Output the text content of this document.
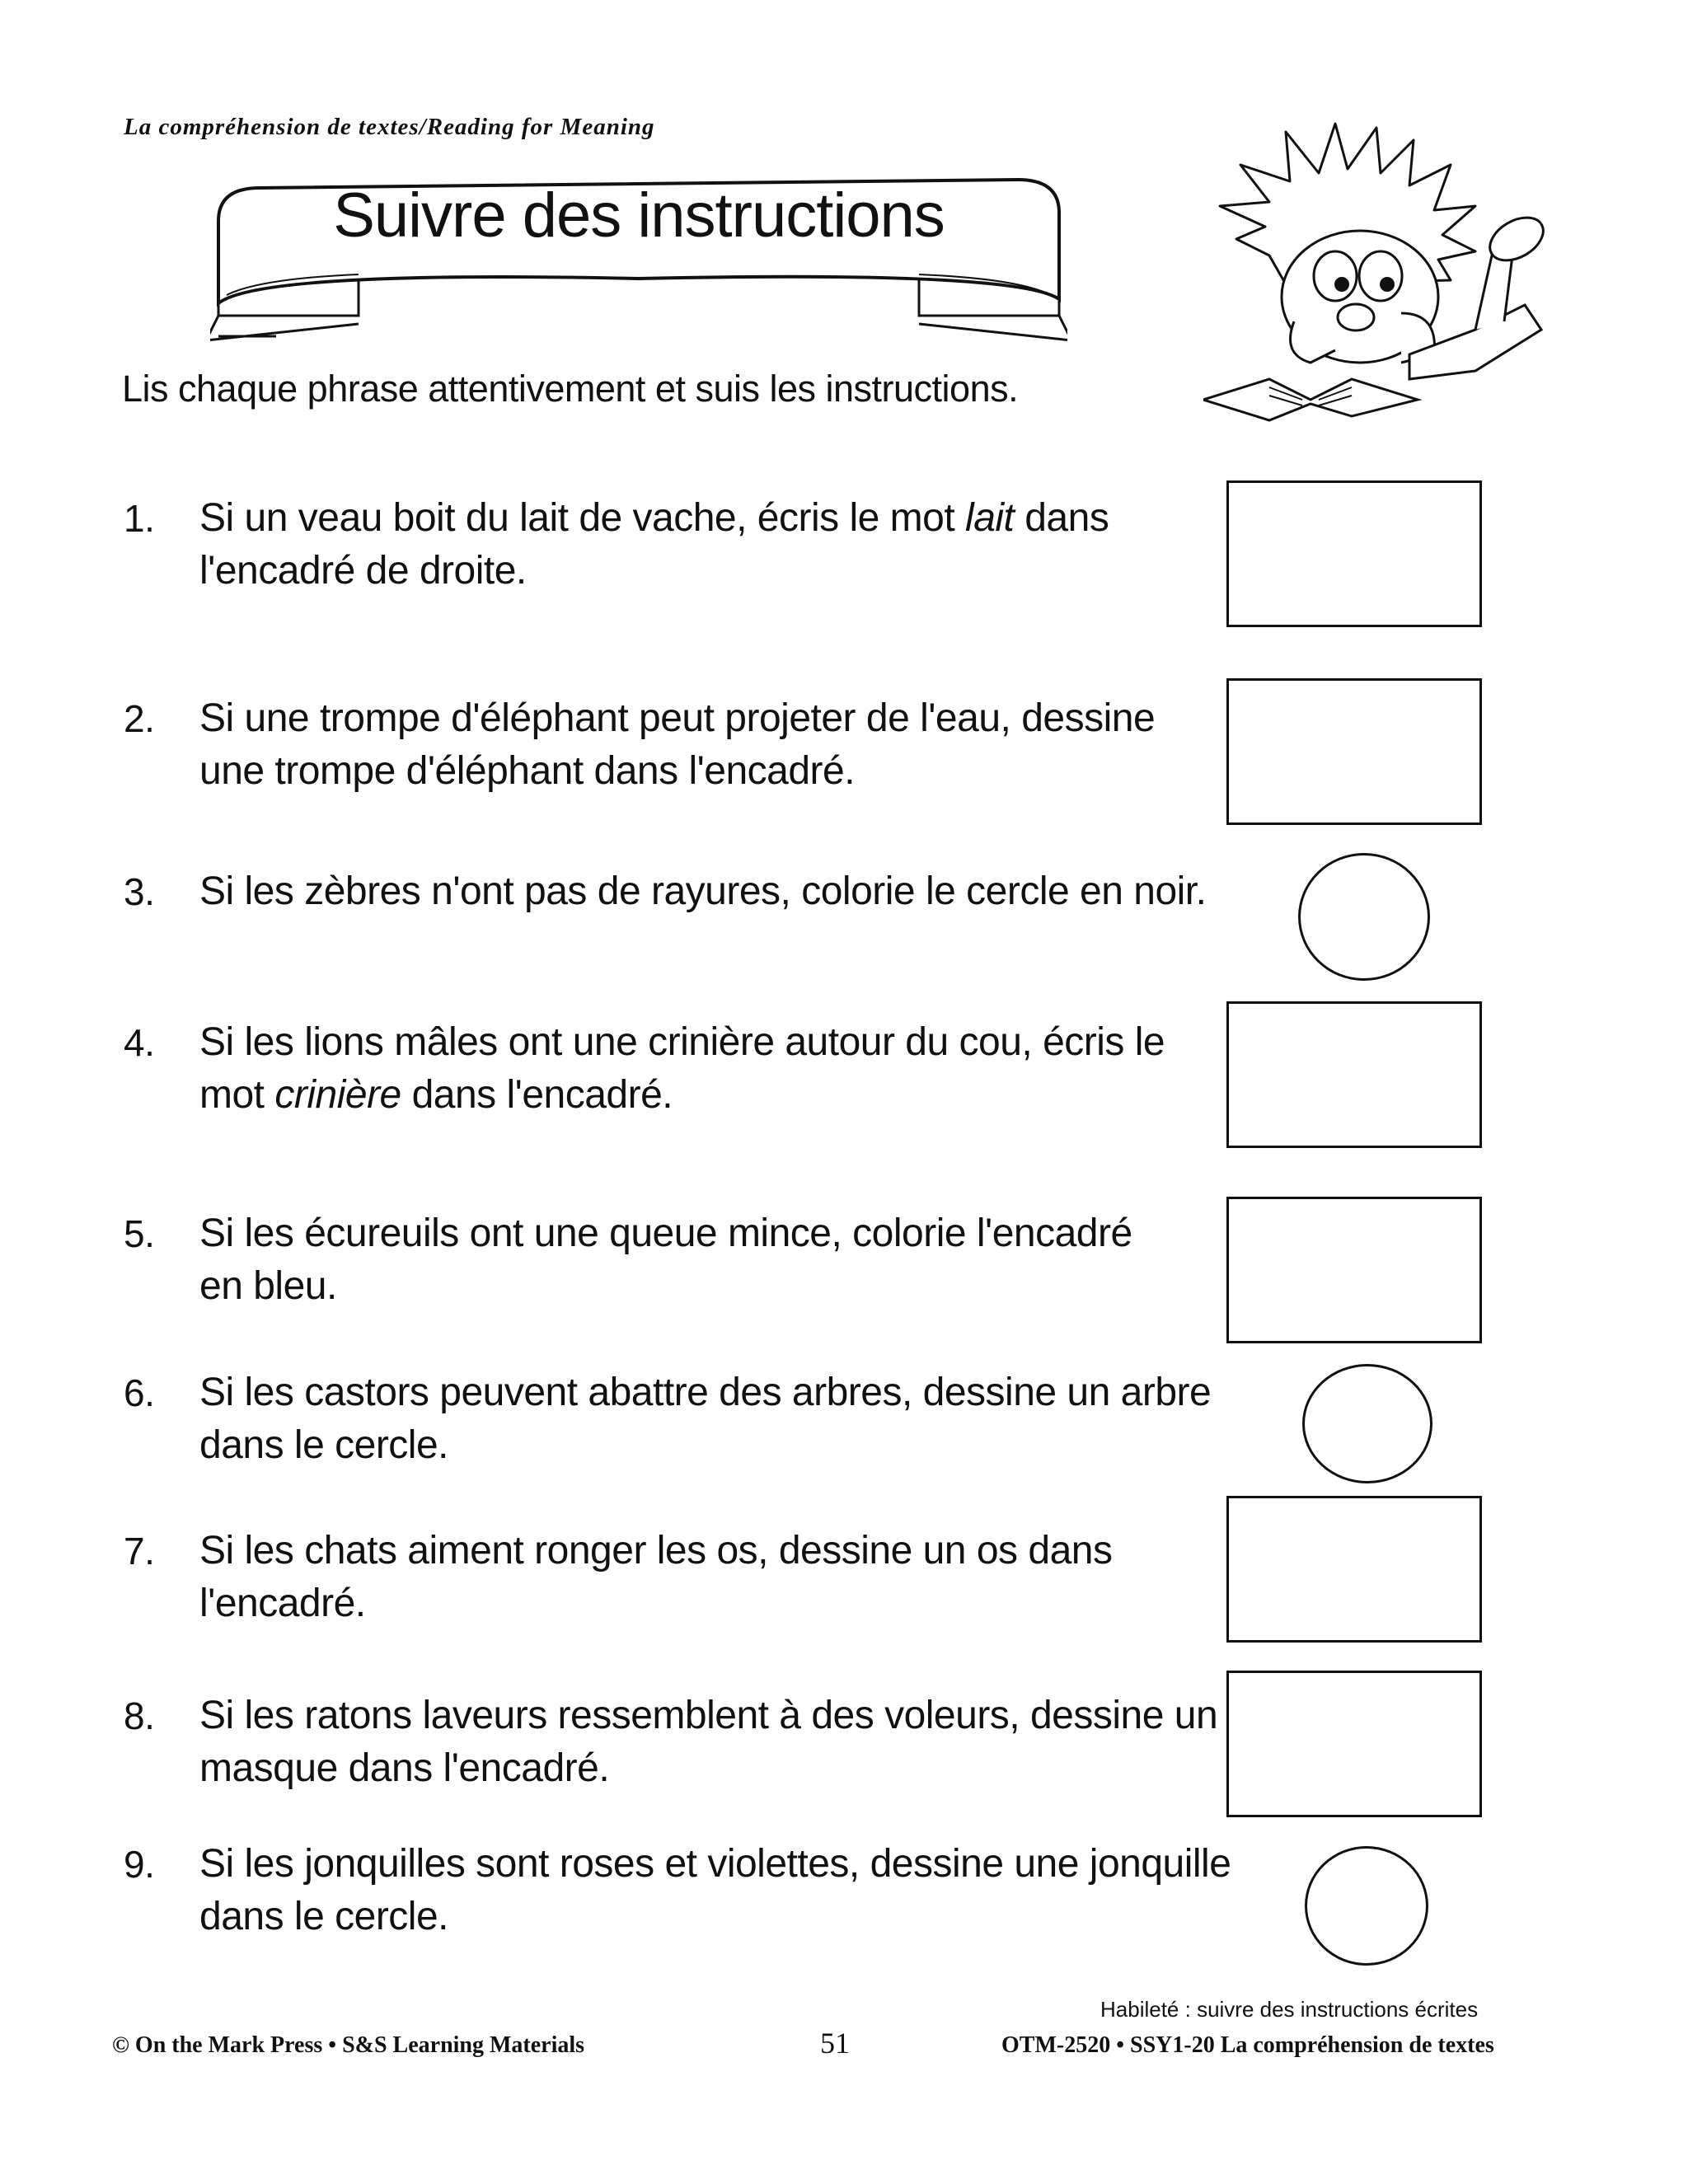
La compréhension de textes/Reading for Meaning
Suivre des instructions
Lis chaque phrase attentivement et suis les instructions.
1.	Si un veau boit du lait de vache, écris le mot lait dans l'encadré de droite.
2.	Si une trompe d'éléphant peut projeter de l'eau, dessine une trompe d'éléphant dans l'encadré.
3.	Si les zèbres n'ont pas de rayures, colorie le cercle en noir.
4.	Si les lions mâles ont une crinière autour du cou, écris le mot crinière dans l'encadré.
5.	Si les écureuils ont une queue mince, colorie l'encadré en bleu.
6.	Si les castors peuvent abattre des arbres, dessine un arbre dans le cercle.
7.	Si les chats aiment ronger les os, dessine un os dans l'encadré.
8.	Si les ratons laveurs ressemblent à des voleurs, dessine un masque dans l'encadré.
9.	Si les jonquilles sont roses et violettes, dessine une jonquille dans le cercle.
Habileté : suivre des instructions écrites
© On the Mark Press • S&S Learning Materials	51	OTM-2520 • SSY1-20 La compréhension de textes
